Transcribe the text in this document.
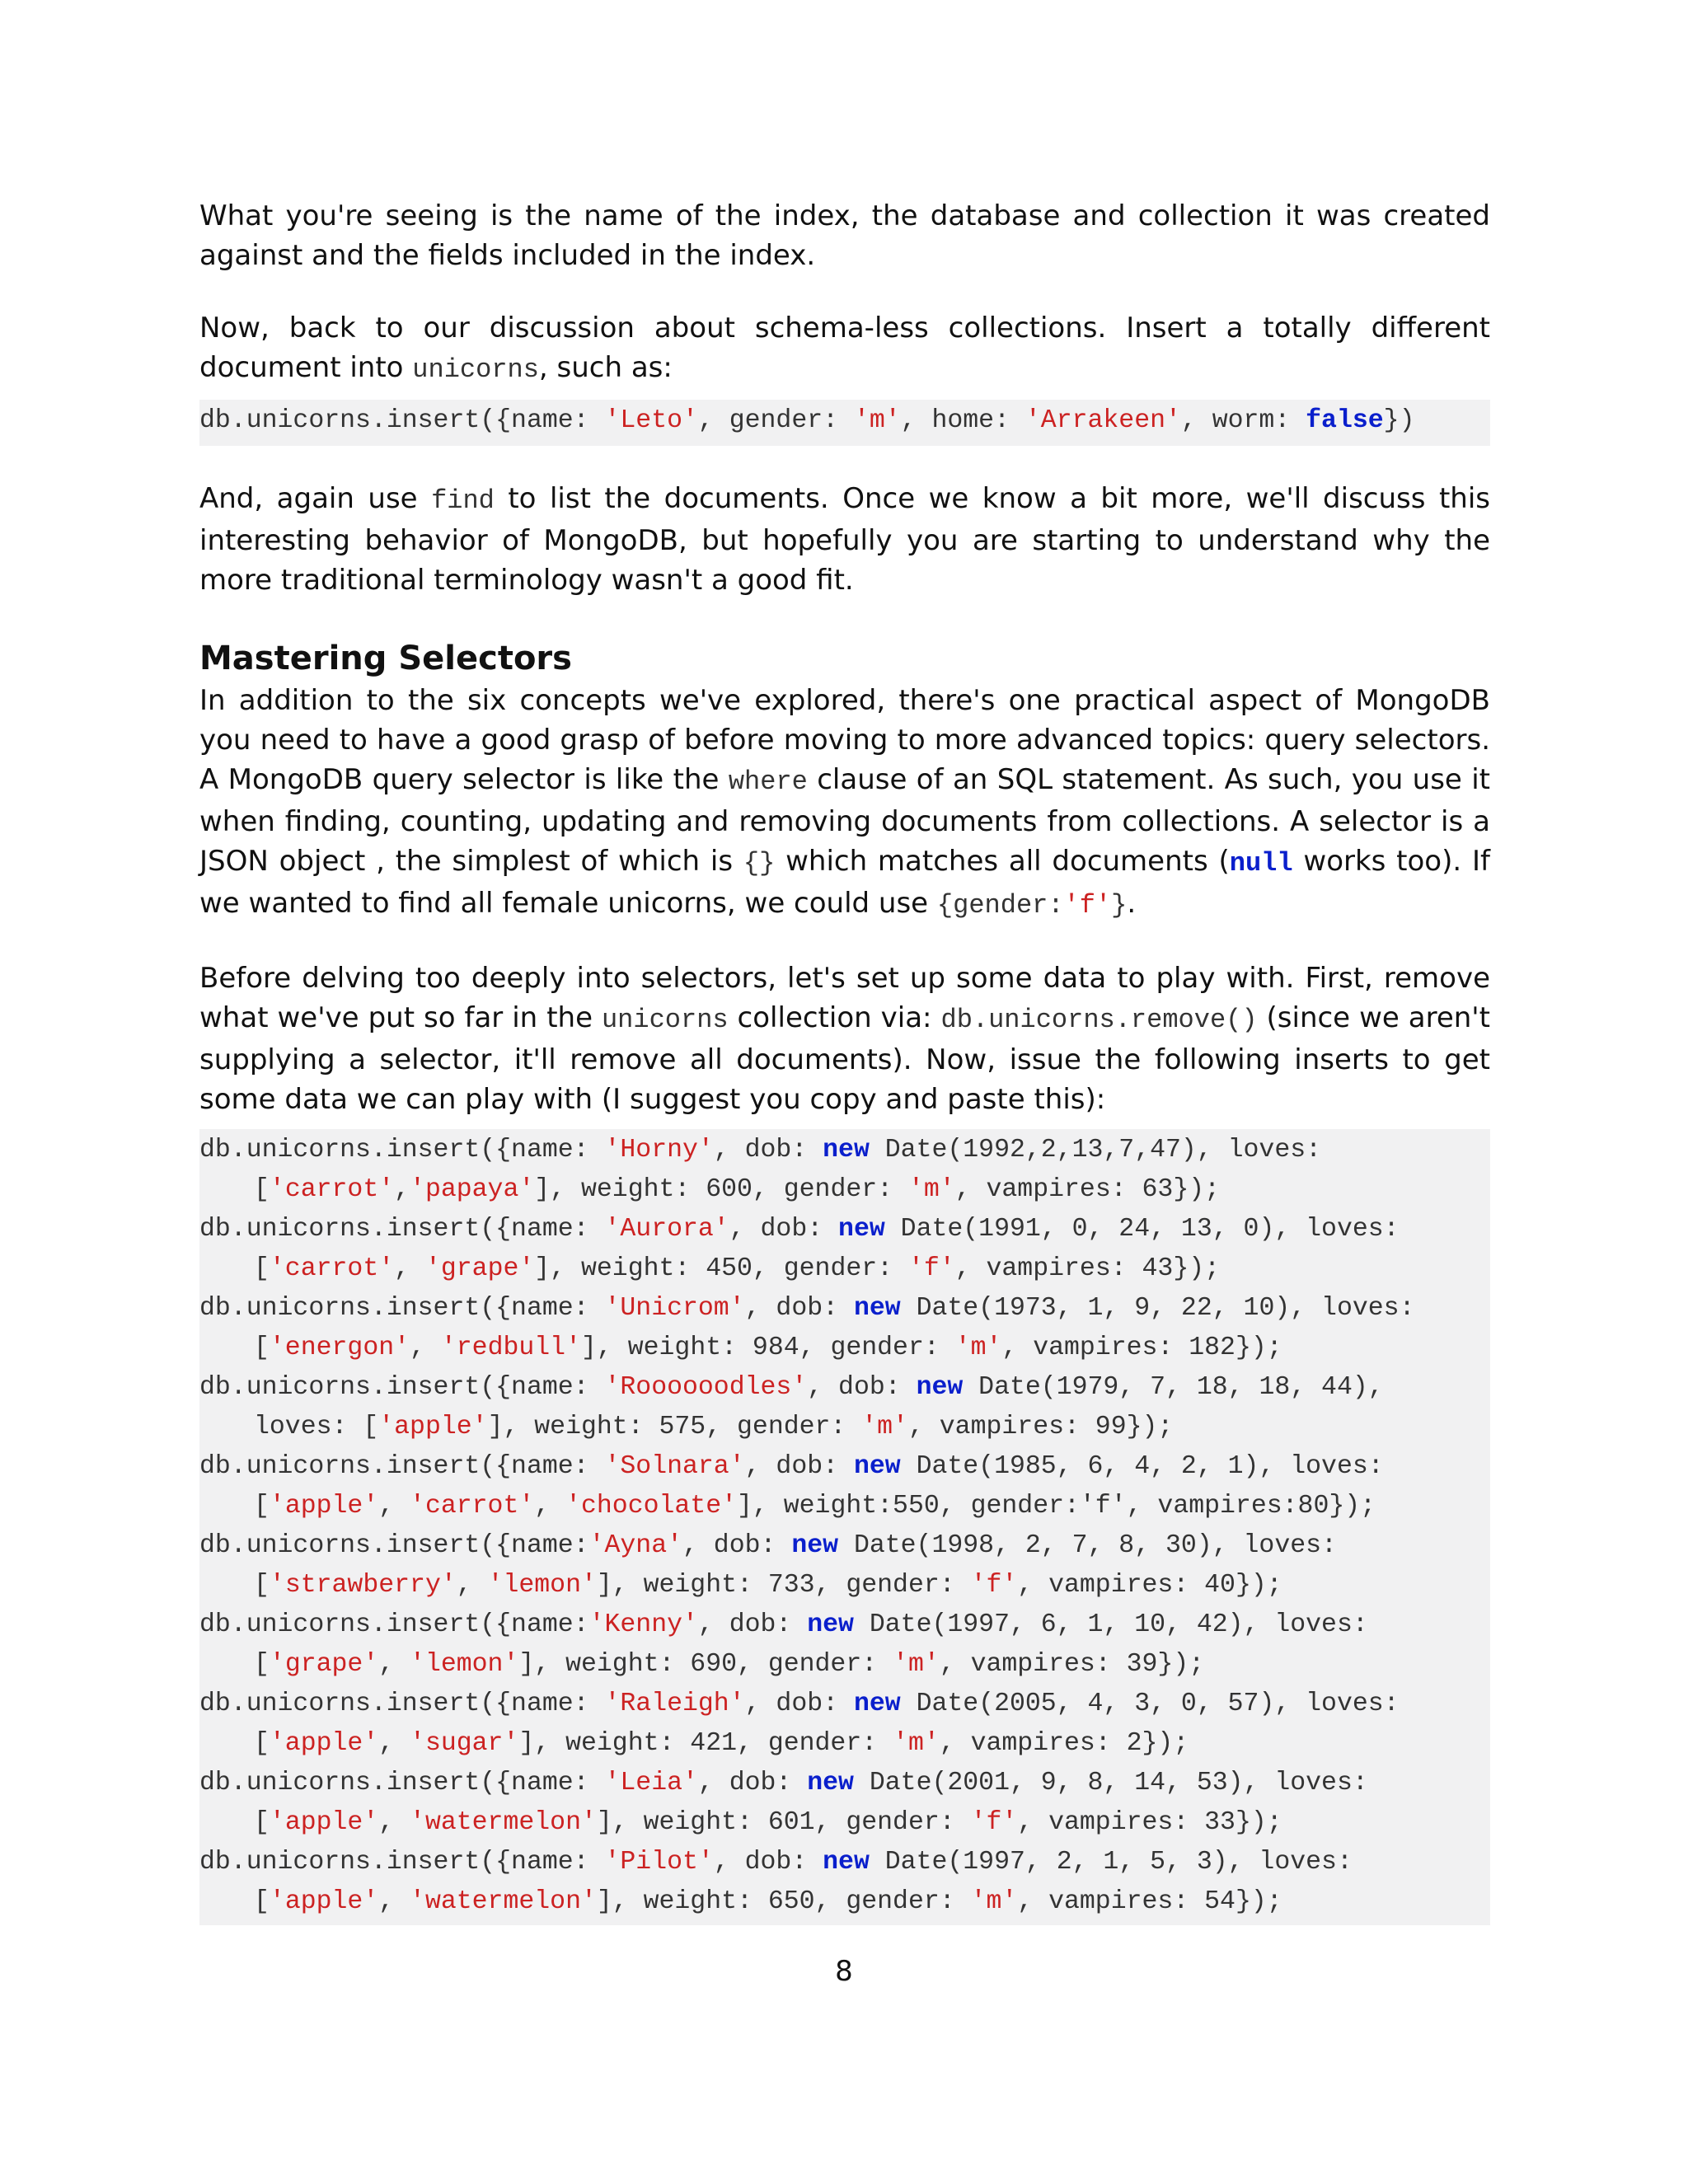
What you're seeing is the name of the index, the database and collection it was created against and the fields included in the index.

Now, back to our discussion about schema-less collections. Insert a totally different document into unicorns, such as:

db.unicorns.insert({name: 'Leto', gender: 'm', home: 'Arrakeen', worm: false})

And, again use find to list the documents. Once we know a bit more, we'll discuss this interesting behavior of MongoDB, but hopefully you are starting to understand why the more traditional terminology wasn't a good fit.

Mastering Selectors

In addition to the six concepts we've explored, there's one practical aspect of MongoDB you need to have a good grasp of before moving to more advanced topics: query selectors. A MongoDB query selector is like the where clause of an SQL statement. As such, you use it when finding, counting, updating and removing documents from collections. A selector is a JSON object , the simplest of which is {} which matches all documents (null works too). If we wanted to find all female unicorns, we could use {gender:'f'}.

Before delving too deeply into selectors, let's set up some data to play with. First, remove what we've put so far in the unicorns collection via: db.unicorns.remove() (since we aren't supplying a selector, it'll remove all documents). Now, issue the following inserts to get some data we can play with (I suggest you copy and paste this):

db.unicorns.insert({name: 'Horny', dob: new Date(1992,2,13,7,47), loves: ['carrot','papaya'], weight: 600, gender: 'm', vampires: 63});
db.unicorns.insert({name: 'Aurora', dob: new Date(1991, 0, 24, 13, 0), loves: ['carrot', 'grape'], weight: 450, gender: 'f', vampires: 43});
db.unicorns.insert({name: 'Unicrom', dob: new Date(1973, 1, 9, 22, 10), loves: ['energon', 'redbull'], weight: 984, gender: 'm', vampires: 182});
db.unicorns.insert({name: 'Roooooodles', dob: new Date(1979, 7, 18, 18, 44), loves: ['apple'], weight: 575, gender: 'm', vampires: 99});
db.unicorns.insert({name: 'Solnara', dob: new Date(1985, 6, 4, 2, 1), loves:['apple', 'carrot', 'chocolate'], weight:550, gender:'f', vampires:80});
db.unicorns.insert({name:'Ayna', dob: new Date(1998, 2, 7, 8, 30), loves: ['strawberry', 'lemon'], weight: 733, gender: 'f', vampires: 40});
db.unicorns.insert({name:'Kenny', dob: new Date(1997, 6, 1, 10, 42), loves: ['grape', 'lemon'], weight: 690, gender: 'm', vampires: 39});
db.unicorns.insert({name: 'Raleigh', dob: new Date(2005, 4, 3, 0, 57), loves: ['apple', 'sugar'], weight: 421, gender: 'm', vampires: 2});
db.unicorns.insert({name: 'Leia', dob: new Date(2001, 9, 8, 14, 53), loves: ['apple', 'watermelon'], weight: 601, gender: 'f', vampires: 33});
db.unicorns.insert({name: 'Pilot', dob: new Date(1997, 2, 1, 5, 3), loves: ['apple', 'watermelon'], weight: 650, gender: 'm', vampires: 54});
8
